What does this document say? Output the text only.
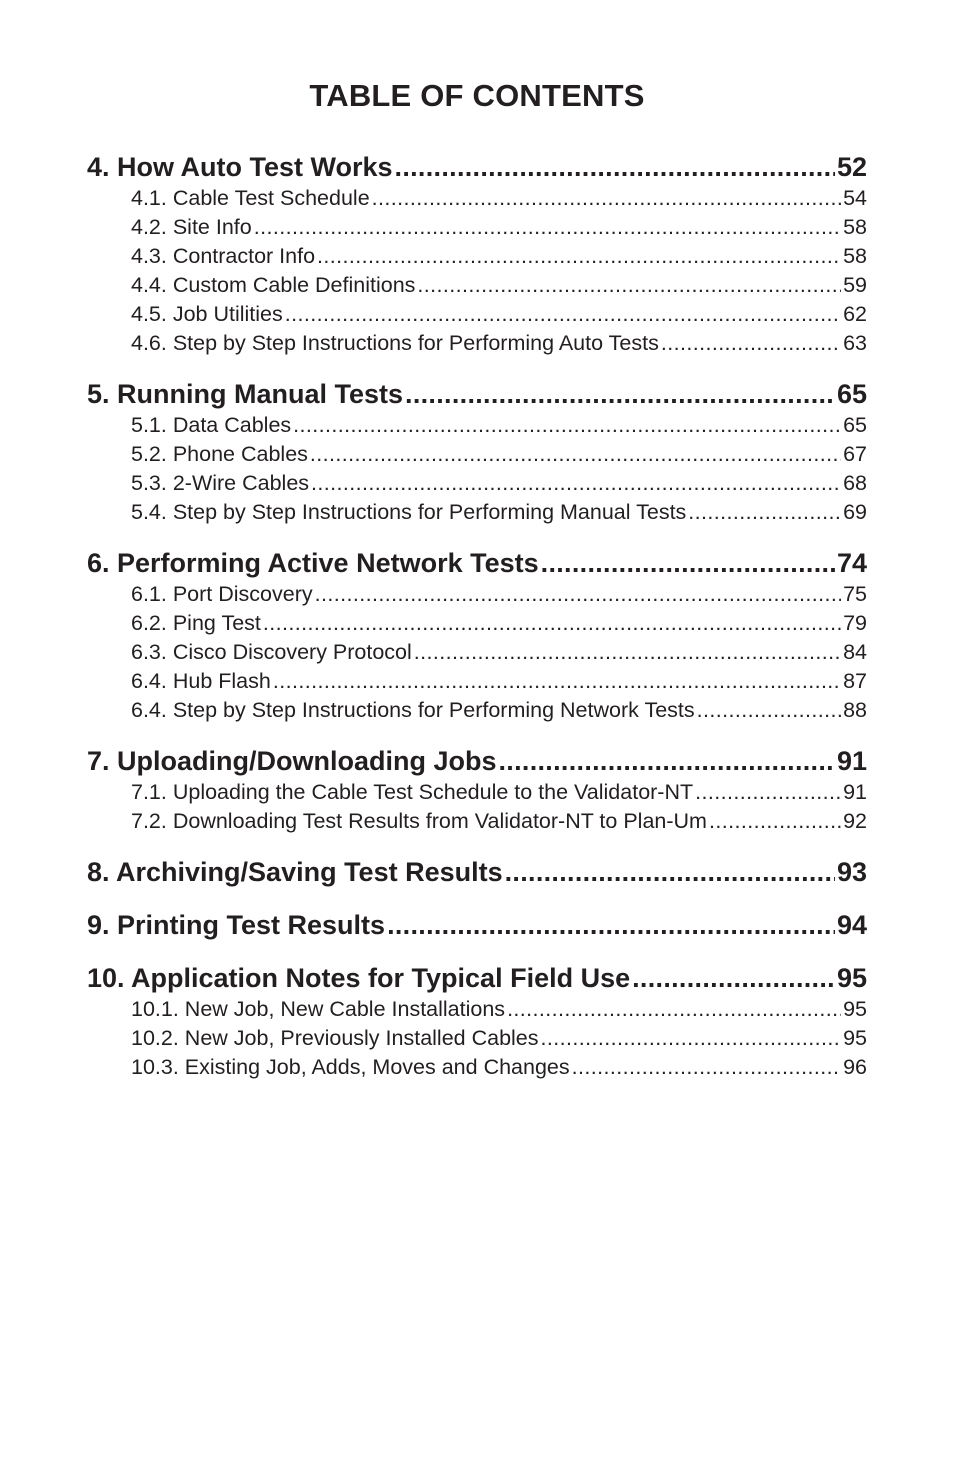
TABLE OF CONTENTS
4. How Auto Test Works .....	52
4.1. Cable Test Schedule .....	54
4.2. Site Info .....	58
4.3. Contractor Info .....	58
4.4. Custom Cable Definitions .....	59
4.5. Job Utilities .....	62
4.6. Step by Step Instructions for Performing Auto Tests .....	63
5. Running Manual Tests .....	65
5.1. Data Cables .....	65
5.2. Phone Cables .....	67
5.3. 2-Wire Cables .....	68
5.4. Step by Step Instructions for Performing Manual Tests .....	69
6. Performing Active Network Tests .....	74
6.1. Port Discovery .....	75
6.2. Ping Test .....	79
6.3. Cisco Discovery Protocol .....	84
6.4. Hub Flash .....	87
6.4. Step by Step Instructions for Performing Network Tests .....	88
7. Uploading/Downloading Jobs .....	91
7.1. Uploading the Cable Test Schedule to the Validator-NT .....	91
7.2. Downloading Test Results from Validator-NT to Plan-Um .....	92
8. Archiving/Saving Test Results .....	93
9. Printing Test Results .....	94
10. Application Notes for Typical Field Use .....	95
10.1. New Job, New Cable Installations .....	95
10.2. New Job, Previously Installed Cables .....	95
10.3. Existing Job, Adds, Moves and Changes .....	96
